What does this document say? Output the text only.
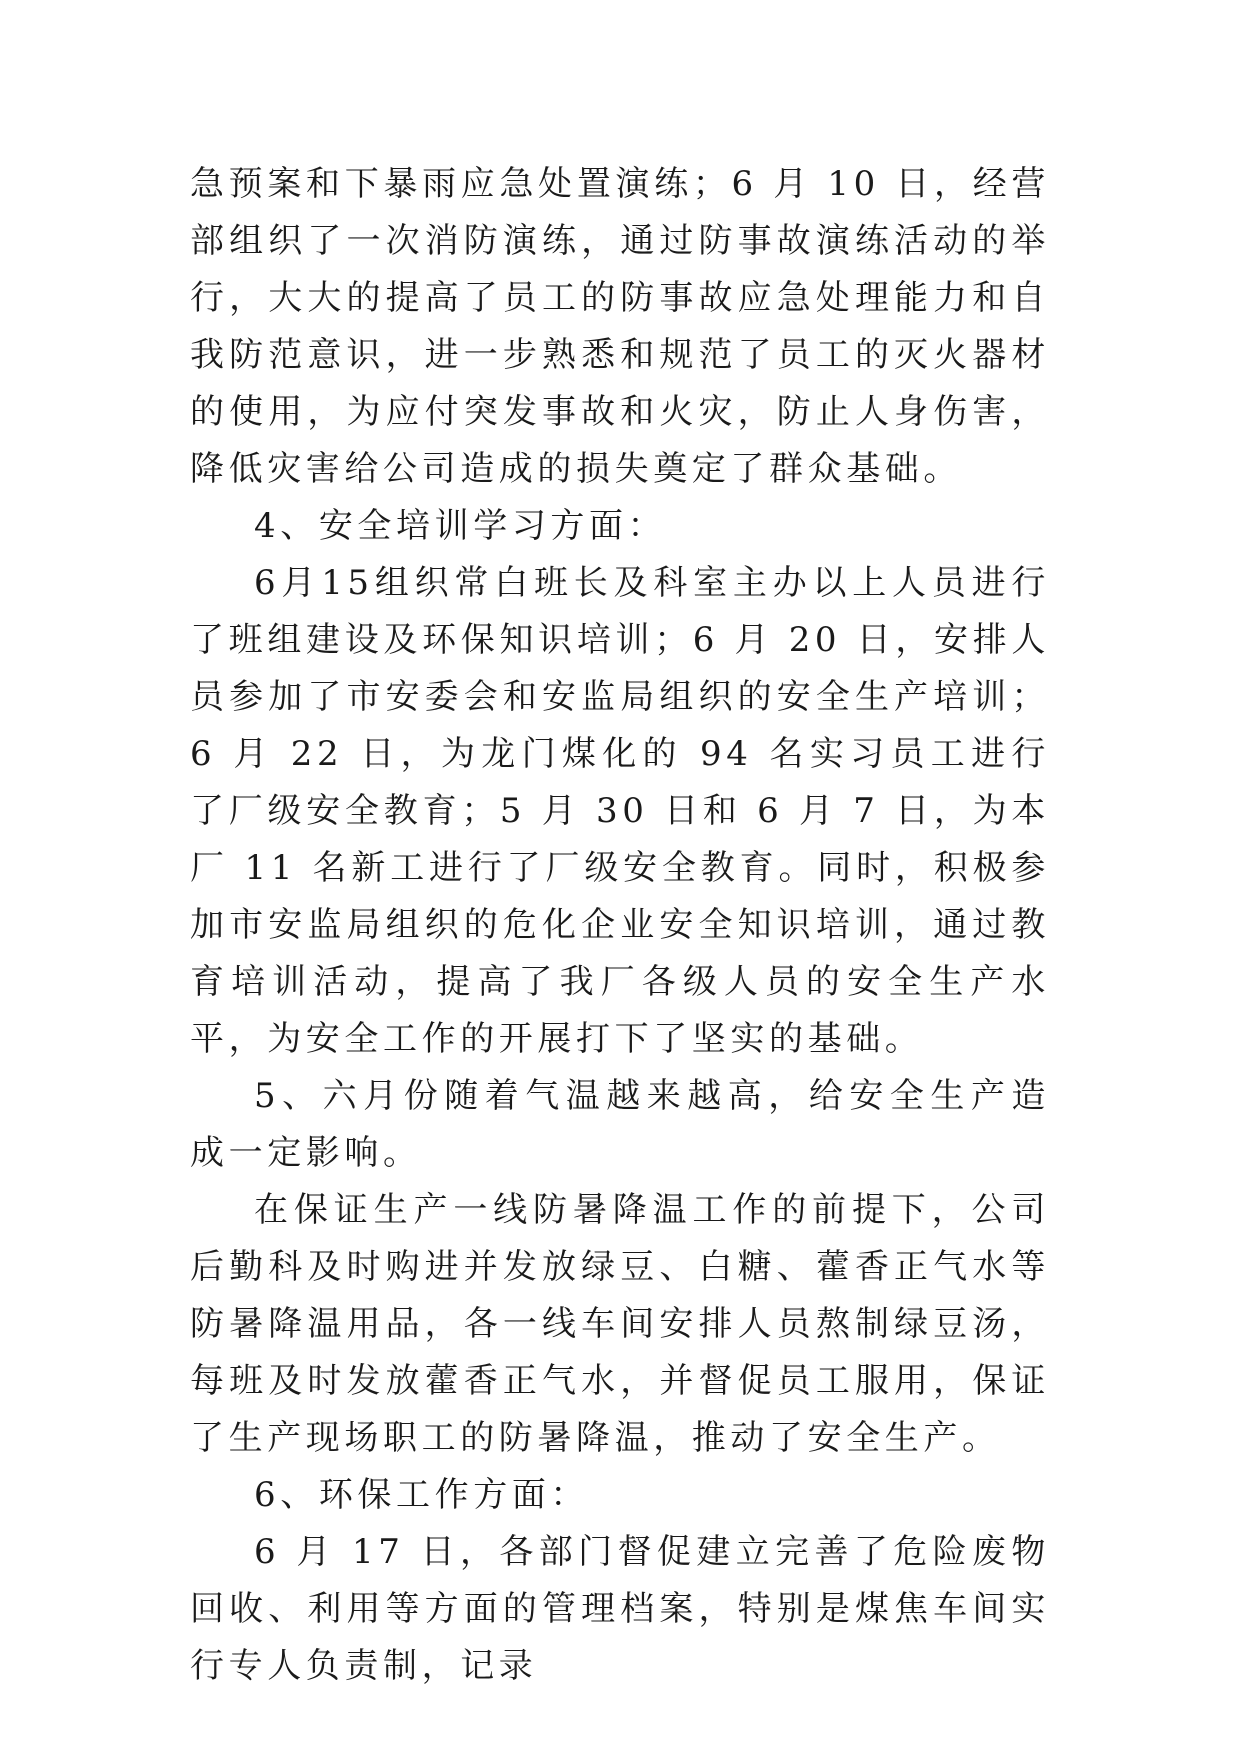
急预案和下暴雨应急处置演练；6 月 10 日，经营部组织了一次消防演练，通过防事故演练活动的举行，大大的提高了员工的防事故应急处理能力和自我防范意识，进一步熟悉和规范了员工的灭火器材的使用，为应付突发事故和火灾，防止人身伤害，降低灾害给公司造成的损失奠定了群众基础。

4、安全培训学习方面：

6月15组织常白班长及科室主办以上人员进行了班组建设及环保知识培训；6 月 20 日，安排人员参加了市安委会和安监局组织的安全生产培训；6 月 22 日，为龙门煤化的 94 名实习员工进行了厂级安全教育；5 月 30 日和 6 月 7 日，为本厂 11 名新工进行了厂级安全教育。同时，积极参加市安监局组织的危化企业安全知识培训，通过教育培训活动，提高了我厂各级人员的安全生产水平，为安全工作的开展打下了坚实的基础。

5、六月份随着气温越来越高，给安全生产造成一定影响。

在保证生产一线防暑降温工作的前提下，公司后勤科及时购进并发放绿豆、白糖、藿香正气水等防暑降温用品，各一线车间安排人员熬制绿豆汤，每班及时发放藿香正气水，并督促员工服用，保证了生产现场职工的防暑降温，推动了安全生产。

6、环保工作方面：

6 月 17 日，各部门督促建立完善了危险废物回收、利用等方面的管理档案，特别是煤焦车间实行专人负责制，记录
